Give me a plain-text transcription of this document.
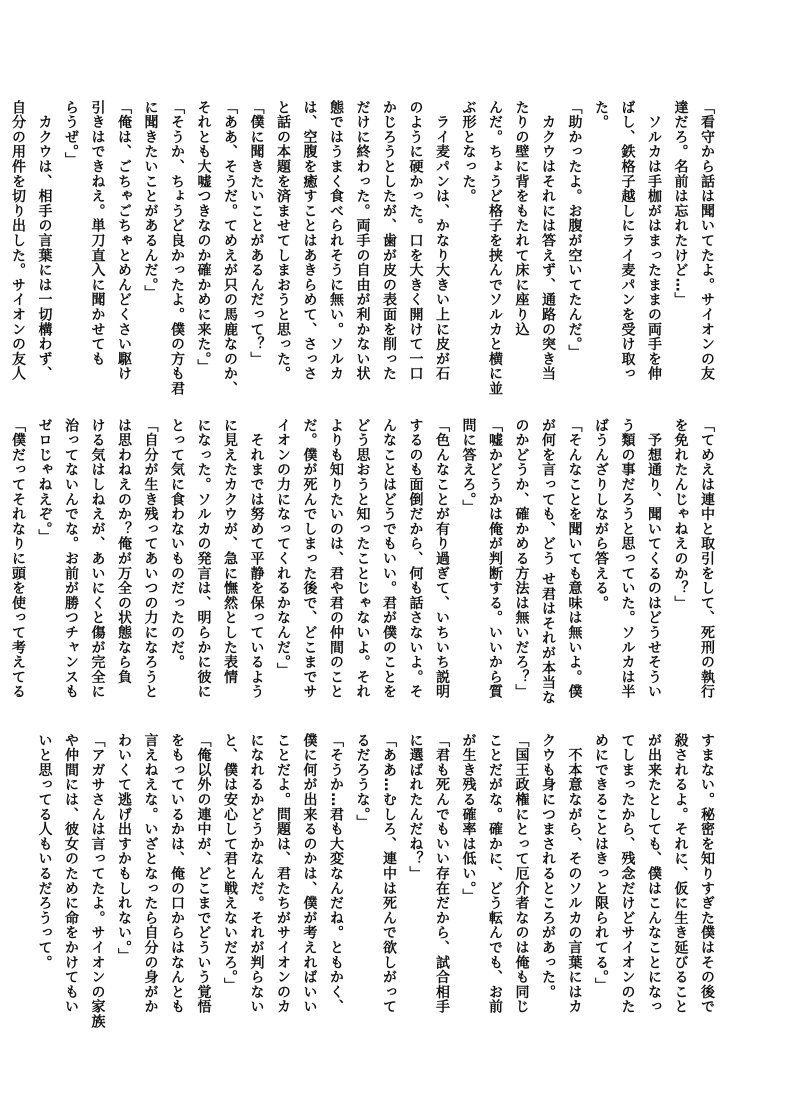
「看守から話は聞いてたよ。サイオンの友
達だろ。名前は忘れたけど…」
　ソルカは手枷がはまったままの両手を伸
ばし、鉄格子越しにライ麦パンを受け取っ
た。
「助かったよ。お腹が空いてたんだ。」
　カクウはそれには答えず、通路の突き当
たりの壁に背をもたれて床に座り込
んだ。ちょうど格子を挟んでソルカと横に並
ぶ形となった。
　ライ麦パンは、かなり大きい上に皮が石
のように硬かった。口を大きく開けて一口
かじろうとしたが、歯が皮の表面を削った
だけに終わった。両手の自由が利かない状
態ではうまく食べられそうに無い。ソルカ
は、空腹を癒すことはあきらめて、さっさ
と話の本題を済ませてしまおうと思った。
「僕に聞きたいことがあるんだって？」
「ああ、そうだ。てめえが只の馬鹿なのか、
それとも大嘘つきなのか確かめに来た。」
「そうか、ちょうど良かったよ。僕の方も君
に聞きたいことがあるんだ。」
「俺は、ごちゃごちゃとめんどくさい駆け
引きはできねえ。単刀直入に聞かせても
らうぜ。」
　カクウは、相手の言葉には一切構わず、
自分の用件を切り出した。サイオンの友人
「てめえは連中と取引をして、死刑の執行
を免れたんじゃねえのか？」
　予想通り、聞いてくるのはどうせそうい
う類の事だろうと思っていた。ソルカは半
ばうんざりしながら答える。
「そんなことを聞いても意味は無いよ。僕
が何を言っても、どう せ君はそれが本当な
のかどうか、確かめる方法は無いだろ？」
「嘘かどうかは俺が判断する。いいから質
問に答えろ。」
「色んなことが有り過ぎて、いちいち説明
するのも面倒だから、何も話さないよ。そ
んなことはどうでもいい。君が僕のことを
どう思おうと知ったことじゃないよ。それ
よりも知りたいのは、君や君の仲間のこと
だ。僕が死んでしまった後で、どこまでサ
イオンの力になってくれるかなんだ。」
　それまでは努めて平静を保っているよう
に見えたカクウが、急に憮然とした表情
になった。ソルカの発言は、明らかに彼に
とって気に食わないものだったのだ。
「自分が生き残ってあいつの力になろうと
は思わねえのか？俺が万全の状態なら負
ける気はしねえが、あいにくと傷が完全に
治ってないんでな。お前が勝つチャンスも
ゼロじゃねえぞ。」
「僕だってそれなりに頭を使って考えてる
すまない。秘密を知りすぎた僕はその後で
殺されるよ。それに、仮に生き延びること
が出来たとしても、僕はこんなことになっ
てしまったから、残念だけどサイオンのた
めにできることはきっと限られてる。」
　不本意ながら、そのソルカの言葉にはカ
クウも身につまされるところがあった。
「国王政権にとって厄介者なのは俺も同じ
ことだがな。確かに、どう転んでも、お前
が生き残る確率は低い。」
「君も死んでもいい存在だから、試合相手
に選ばれたんだね？」
「ああ…むしろ、連中は死んで欲しがって
るだろうな。」
「そうか…君も大変なんだね。ともかく、
僕に何が出来るのかは、僕が考えればいい
ことだよ。問題は、君たちがサイオンのカ
になれるかどうかなんだ。それが判らない
と、僕は安心して君と戦えないだろ。」
「俺以外の連中が、どこまでどういう覚悟
をもっているかは、俺の口からはなんとも
言えねえな。いざとなったら自分の身がか
わいくて逃げ出すかもしれない。」
「アガサさんは言ってたよ。サイオンの家族
や仲間には、彼女のために命をかけてもい
いと思ってる人もいるだろうって。
